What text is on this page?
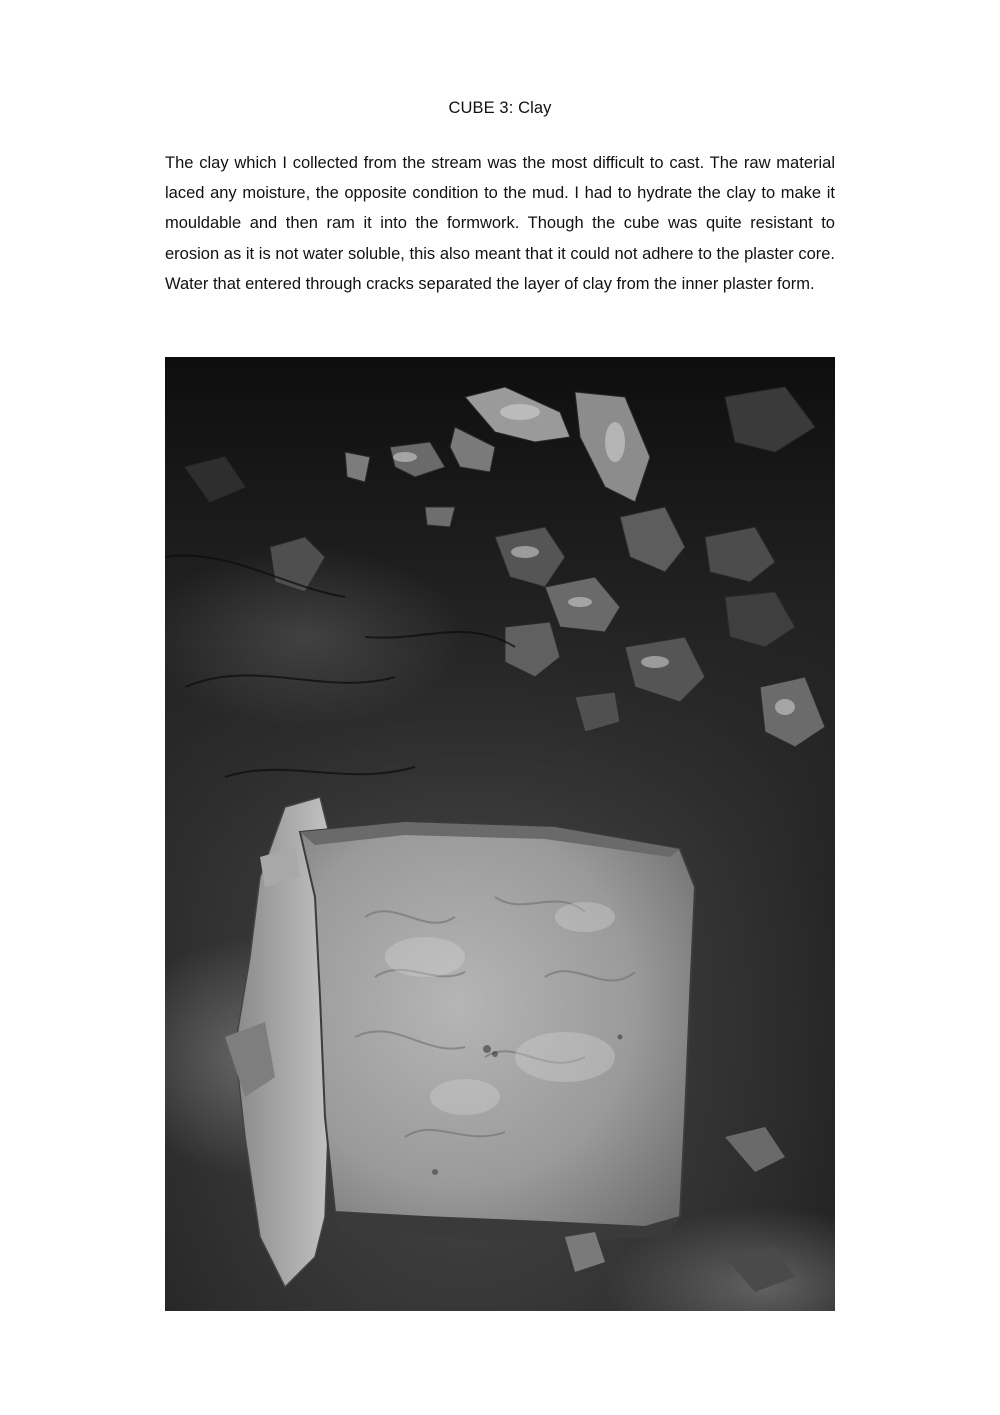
CUBE 3: Clay

The clay which I collected from the stream was the most difficult to cast. The raw material laced any moisture, the opposite condition to the mud. I had to hydrate the clay to make it mouldable and then ram it into the formwork. Though the cube was quite resistant to erosion as it is not water soluble, this also meant that it could not adhere to the plaster core. Water that entered through cracks separated the layer of clay from the inner plaster form.
